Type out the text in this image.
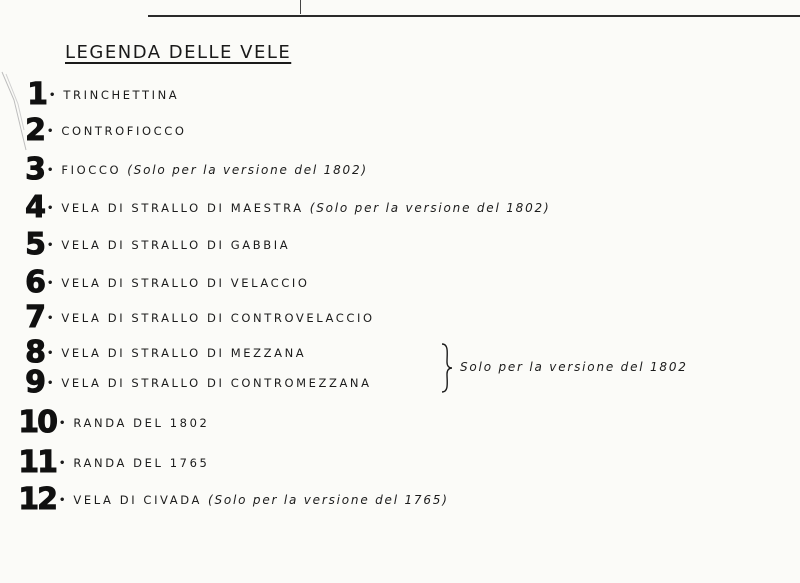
LEGENDA DELLE VELE
1 • TRINCHETTINA
2 • CONTROFIOCCO
3 • FIOCCO (Solo per la versione del 1802)
4 • VELA DI STRALLO DI MAESTRA (Solo per la versione del 1802)
5 • VELA DI STRALLO DI GABBIA
6 • VELA DI STRALLO DI VELACCIO
7 • VELA DI STRALLO DI CONTROVELACCIO
8 • VELA DI STRALLO DI MEZZANA
9 • VELA DI STRALLO DI CONTROMEZZANA
Solo per la versione del 1802
10 • RANDA DEL 1802
11 • RANDA DEL 1765
12 • VELA DI CIVADA (Solo per la versione del 1765)
